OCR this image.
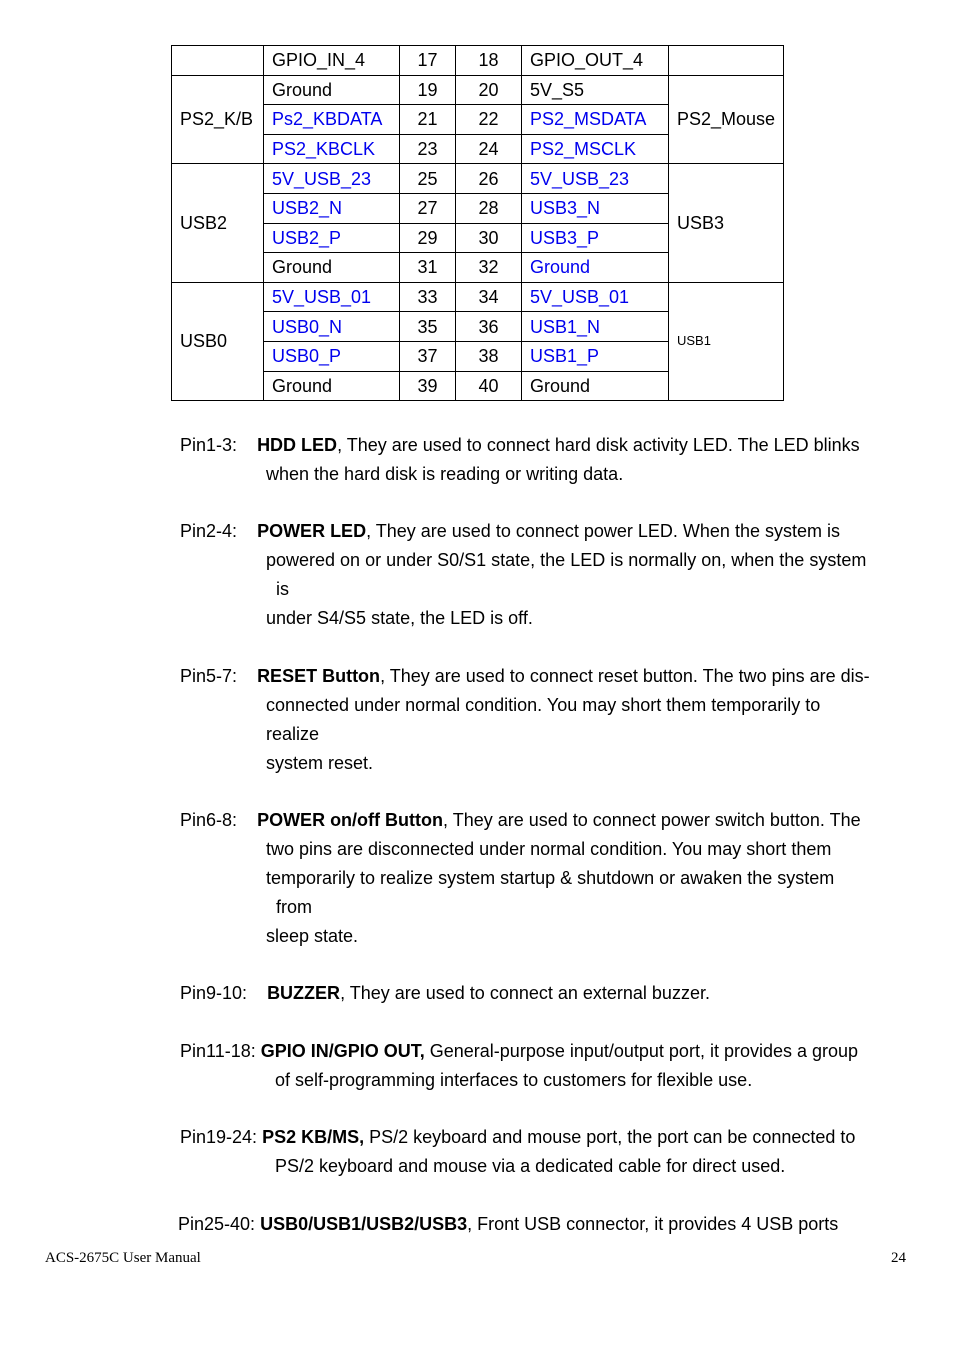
	GPIO_IN_4	17	18	GPIO_OUT_4	
PS2_K/B	Ground	19	20	5V_S5	PS2_Mouse
	Ps2_KBDATA	21	22	PS2_MSDATA	
	PS2_KBCLK	23	24	PS2_MSCLK	
USB2	5V_USB_23	25	26	5V_USB_23	USB3
	USB2_N	27	28	USB3_N	
	USB2_P	29	30	USB3_P	
	Ground	31	32	Ground	
USB0	5V_USB_01	33	34	5V_USB_01	USB1
	USB0_N	35	36	USB1_N	
	USB0_P	37	38	USB1_P	
	Ground	39	40	Ground	
Pin1-3: HDD LED, They are used to connect hard disk activity LED. The LED blinks
when the hard disk is reading or writing data.
Pin2-4: POWER LED, They are used to connect power LED. When the system is
powered on or under S0/S1 state, the LED is normally on, when the system
is
under S4/S5 state, the LED is off.
Pin5-7: RESET Button, They are used to connect reset button. The two pins are dis-
connected under normal condition. You may short them temporarily to
realize
system reset.
Pin6-8: POWER on/off Button, They are used to connect power switch button. The
two pins are disconnected under normal condition. You may short them
temporarily to realize system startup & shutdown or awaken the system
from
sleep state.
Pin9-10: BUZZER, They are used to connect an external buzzer.
Pin11-18: GPIO IN/GPIO OUT, General-purpose input/output port, it provides a group
of self-programming interfaces to customers for flexible use.
Pin19-24: PS2 KB/MS, PS/2 keyboard and mouse port, the port can be connected to
PS/2 keyboard and mouse via a dedicated cable for direct used.
Pin25-40: USB0/USB1/USB2/USB3, Front USB connector, it provides 4 USB ports
ACS-2675C User Manual	24
